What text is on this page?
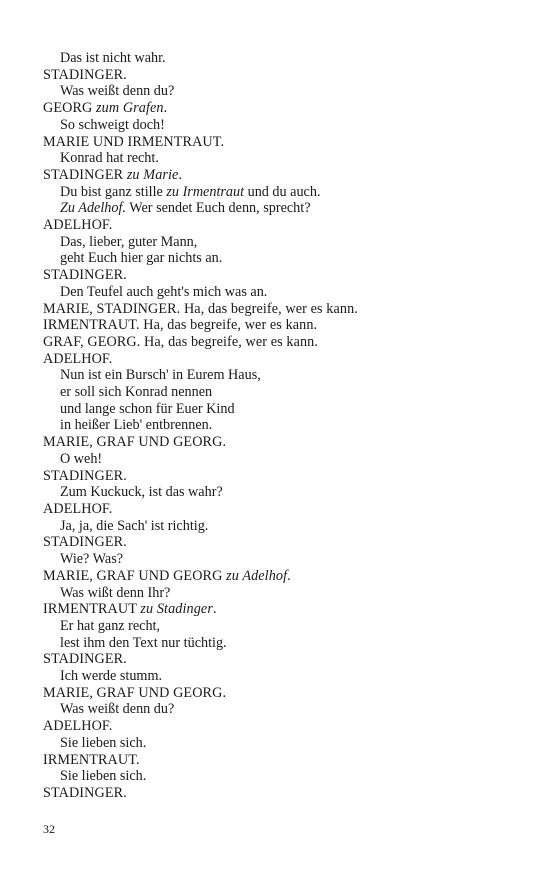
Das ist nicht wahr.
STADINGER.
Was weißt denn du?
GEORG zum Grafen.
So schweigt doch!
MARIE UND IRMENTRAUT.
Konrad hat recht.
STADINGER zu Marie.
Du bist ganz stille zu Irmentraut und du auch.
Zu Adelhof. Wer sendet Euch denn, sprecht?
ADELHOF.
Das, lieber, guter Mann,
geht Euch hier gar nichts an.
STADINGER.
Den Teufel auch geht's mich was an.
MARIE, STADINGER. Ha, das begreife, wer es kann.
IRMENTRAUT. Ha, das begreife, wer es kann.
GRAF, GEORG. Ha, das begreife, wer es kann.
ADELHOF.
Nun ist ein Bursch' in Eurem Haus,
er soll sich Konrad nennen
und lange schon für Euer Kind
in heißer Lieb' entbrennen.
MARIE, GRAF UND GEORG.
O weh!
STADINGER.
Zum Kuckuck, ist das wahr?
ADELHOF.
Ja, ja, die Sach' ist richtig.
STADINGER.
Wie? Was?
MARIE, GRAF UND GEORG zu Adelhof.
Was wißt denn Ihr?
IRMENTRAUT zu Stadinger.
Er hat ganz recht,
lest ihm den Text nur tüchtig.
STADINGER.
Ich werde stumm.
MARIE, GRAF UND GEORG.
Was weißt denn du?
ADELHOF.
Sie lieben sich.
IRMENTRAUT.
Sie lieben sich.
STADINGER.
32
